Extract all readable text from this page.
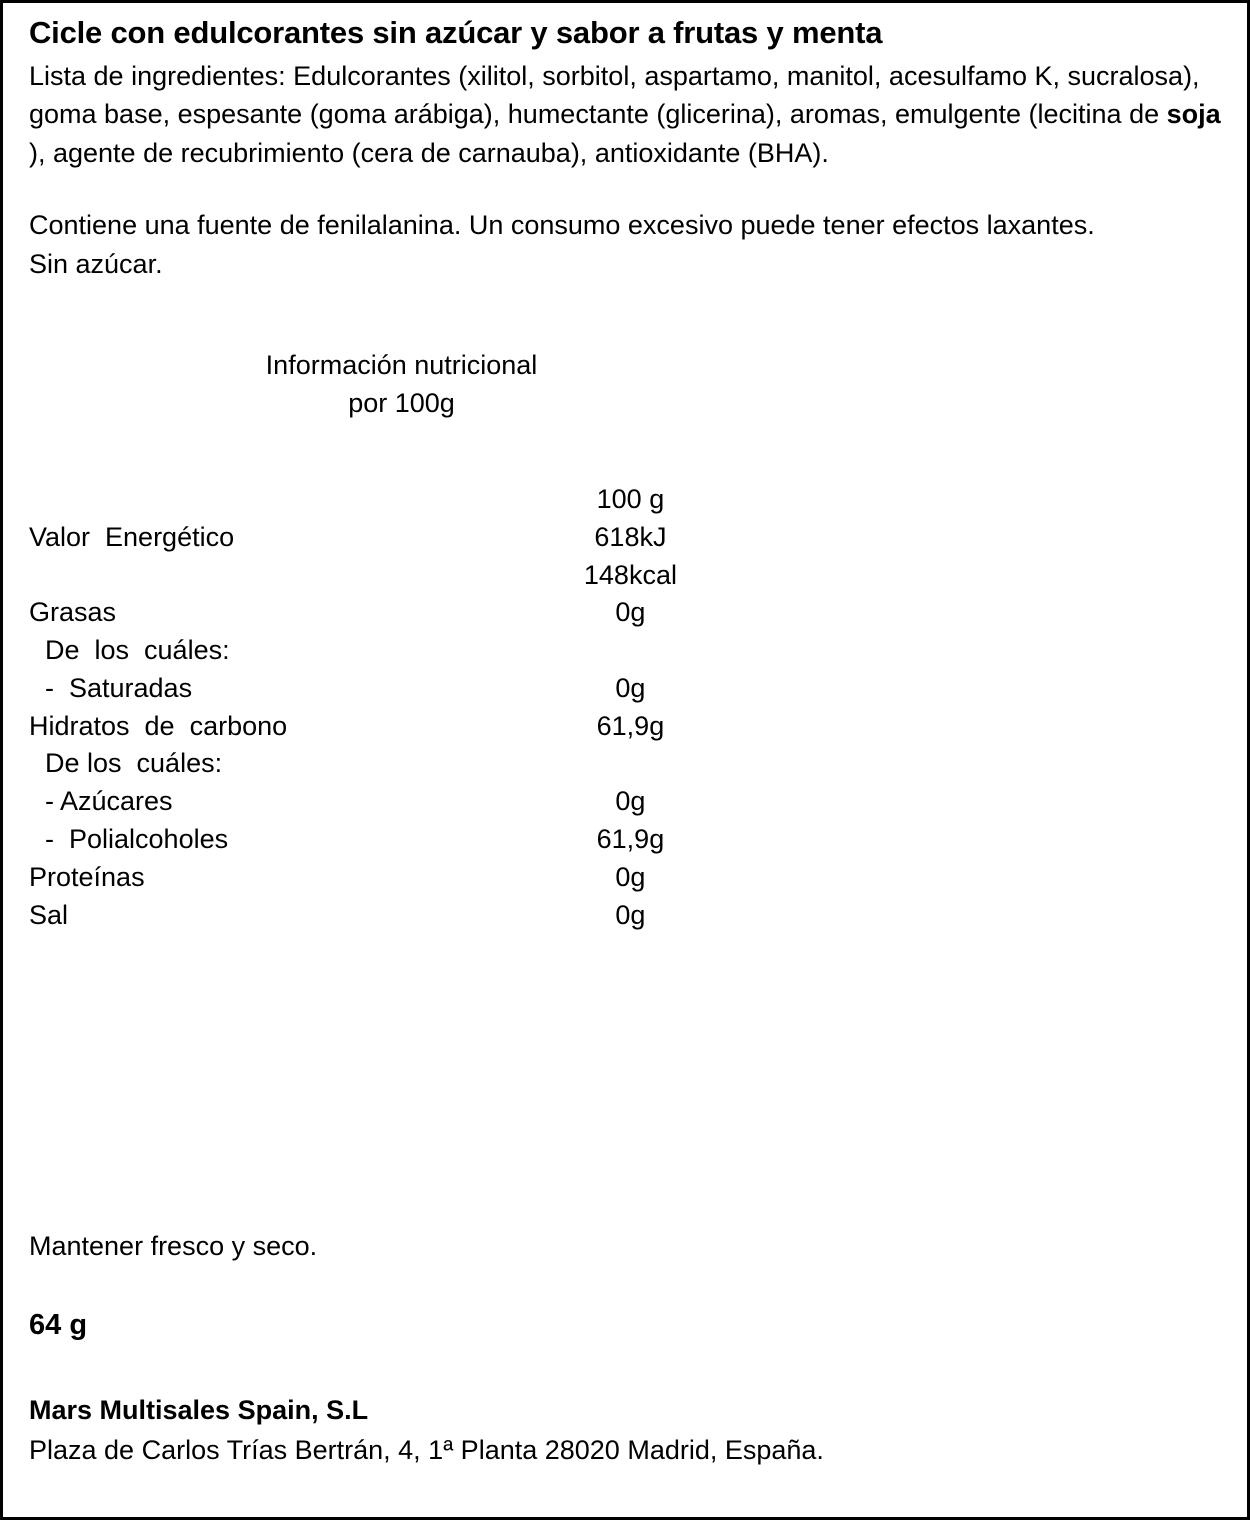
Cicle con edulcorantes sin azúcar y sabor a frutas y menta

Lista de ingredientes: Edulcorantes (xilitol, sorbitol, aspartamo, manitol, acesulfamo K, sucralosa), goma base, espesante (goma arábiga), humectante (glicerina), aromas, emulgente (lecitina de soja ), agente de recubrimiento (cera de carnauba), antioxidante (BHA).

Contiene una fuente de fenilalanina. Un consumo excesivo puede tener efectos laxantes.

Sin azúcar.

Información nutricional
por 100g
	100 g
Valor  Energético	618kJ
	148kcal
Grasas	0g
De  los  cuáles:	
-  Saturadas	0g
Hidratos  de  carbono	61,9g
De los  cuáles:	
- Azúcares	0g
-  Polialcoholes	61,9g
Proteínas	0g
Sal	0g
Mantener fresco y seco.
64 g
Mars Multisales Spain, S.L
Plaza de Carlos Trías Bertrán, 4, 1ª Planta 28020 Madrid, España.
